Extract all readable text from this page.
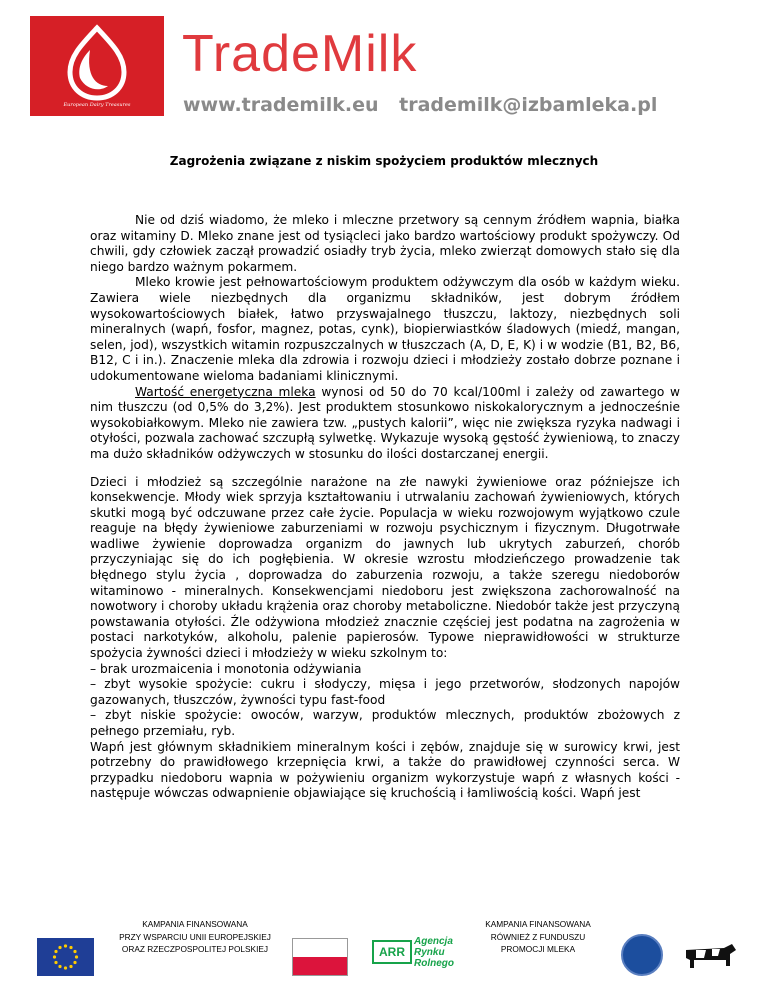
European Dairy Treasures
TradeMilk
www.trademilk.eu trademilk@izbamleka.pl
Zagrożenia związane z niskim spożyciem produktów mlecznych

Nie od dziś wiadomo, że mleko i mleczne przetwory są cennym źródłem wapnia, białka oraz witaminy D. Mleko znane jest od tysiącleci jako bardzo wartościowy produkt spożywczy. Od chwili, gdy człowiek zaczął prowadzić osiadły tryb życia, mleko zwierząt domowych stało się dla niego bardzo ważnym pokarmem.

Mleko krowie jest pełnowartościowym produktem odżywczym dla osób w każdym wieku. Zawiera wiele niezbędnych dla organizmu składników, jest dobrym źródłem wysokowartościowych białek, łatwo przyswajalnego tłuszczu, laktozy, niezbędnych soli mineralnych (wapń, fosfor, magnez, potas, cynk), biopierwiastków śladowych (miedź, mangan, selen, jod), wszystkich witamin rozpuszczalnych w tłuszczach (A, D, E, K) i w wodzie (B1, B2, B6, B12, C i in.). Znaczenie mleka dla zdrowia i rozwoju dzieci i młodzieży zostało dobrze poznane i udokumentowane wieloma badaniami klinicznymi.

Wartość energetyczna mleka wynosi od 50 do 70 kcal/100ml i zależy od zawartego w nim tłuszczu (od 0,5% do 3,2%). Jest produktem stosunkowo niskokalorycznym a jednocześnie wysokobiałkowym. Mleko nie zawiera tzw. „pustych kalorii”, więc nie zwiększa ryzyka nadwagi i otyłości, pozwala zachować szczupłą sylwetkę. Wykazuje wysoką gęstość żywieniową, to znaczy ma dużo składników odżywczych w stosunku do ilości dostarczanej energii.

Dzieci i młodzież są szczególnie narażone na złe nawyki żywieniowe oraz późniejsze ich konsekwencje. Młody wiek sprzyja kształtowaniu i utrwalaniu zachowań żywieniowych, których skutki mogą być odczuwane przez całe życie. Populacja w wieku rozwojowym wyjątkowo czule reaguje na błędy żywieniowe zaburzeniami w rozwoju psychicznym i fizycznym. Długotrwałe wadliwe żywienie doprowadza organizm do jawnych lub ukrytych zaburzeń, chorób przyczyniając się do ich pogłębienia. W okresie wzrostu młodzieńczego prowadzenie tak błędnego stylu życia , doprowadza do zaburzenia rozwoju, a także szeregu niedoborów witaminowo - mineralnych. Konsekwencjami niedoboru jest zwiększona zachorowalność na nowotwory i choroby układu krążenia oraz choroby metaboliczne. Niedobór także jest przyczyną powstawania otyłości. Źle odżywiona młodzież znacznie częściej jest podatna na zagrożenia w postaci narkotyków, alkoholu, palenie papierosów. Typowe nieprawidłowości w strukturze spożycia żywności dzieci i młodzieży w wieku szkolnym to:

– brak urozmaicenia i monotonia odżywiania

– zbyt wysokie spożycie: cukru i słodyczy, mięsa i jego przetworów, słodzonych napojów gazowanych, tłuszczów, żywności typu fast-food

– zbyt niskie spożycie: owoców, warzyw, produktów mlecznych, produktów zbożowych z pełnego przemiału, ryb.

Wapń jest głównym składnikiem mineralnym kości i zębów, znajduje się w surowicy krwi, jest potrzebny do prawidłowego krzepnięcia krwi, a także do prawidłowej czynności serca. W przypadku niedoboru wapnia w pożywieniu organizm wykorzystuje wapń z własnych kości - następuje wówczas odwapnienie objawiające się kruchością i łamliwością kości. Wapń jest

KAMPANIA FINANSOWANA
PRZY WSPARCIU UNII EUROPEJSKIEJ
ORAZ RZECZPOSPOLITEJ POLSKIEJ	ARR
Agencja
Rynku
Rolnego
KAMPANIA FINANSOWANA
RÓWNIEŻ Z FUNDUSZU
PROMOCJI MLEKA
